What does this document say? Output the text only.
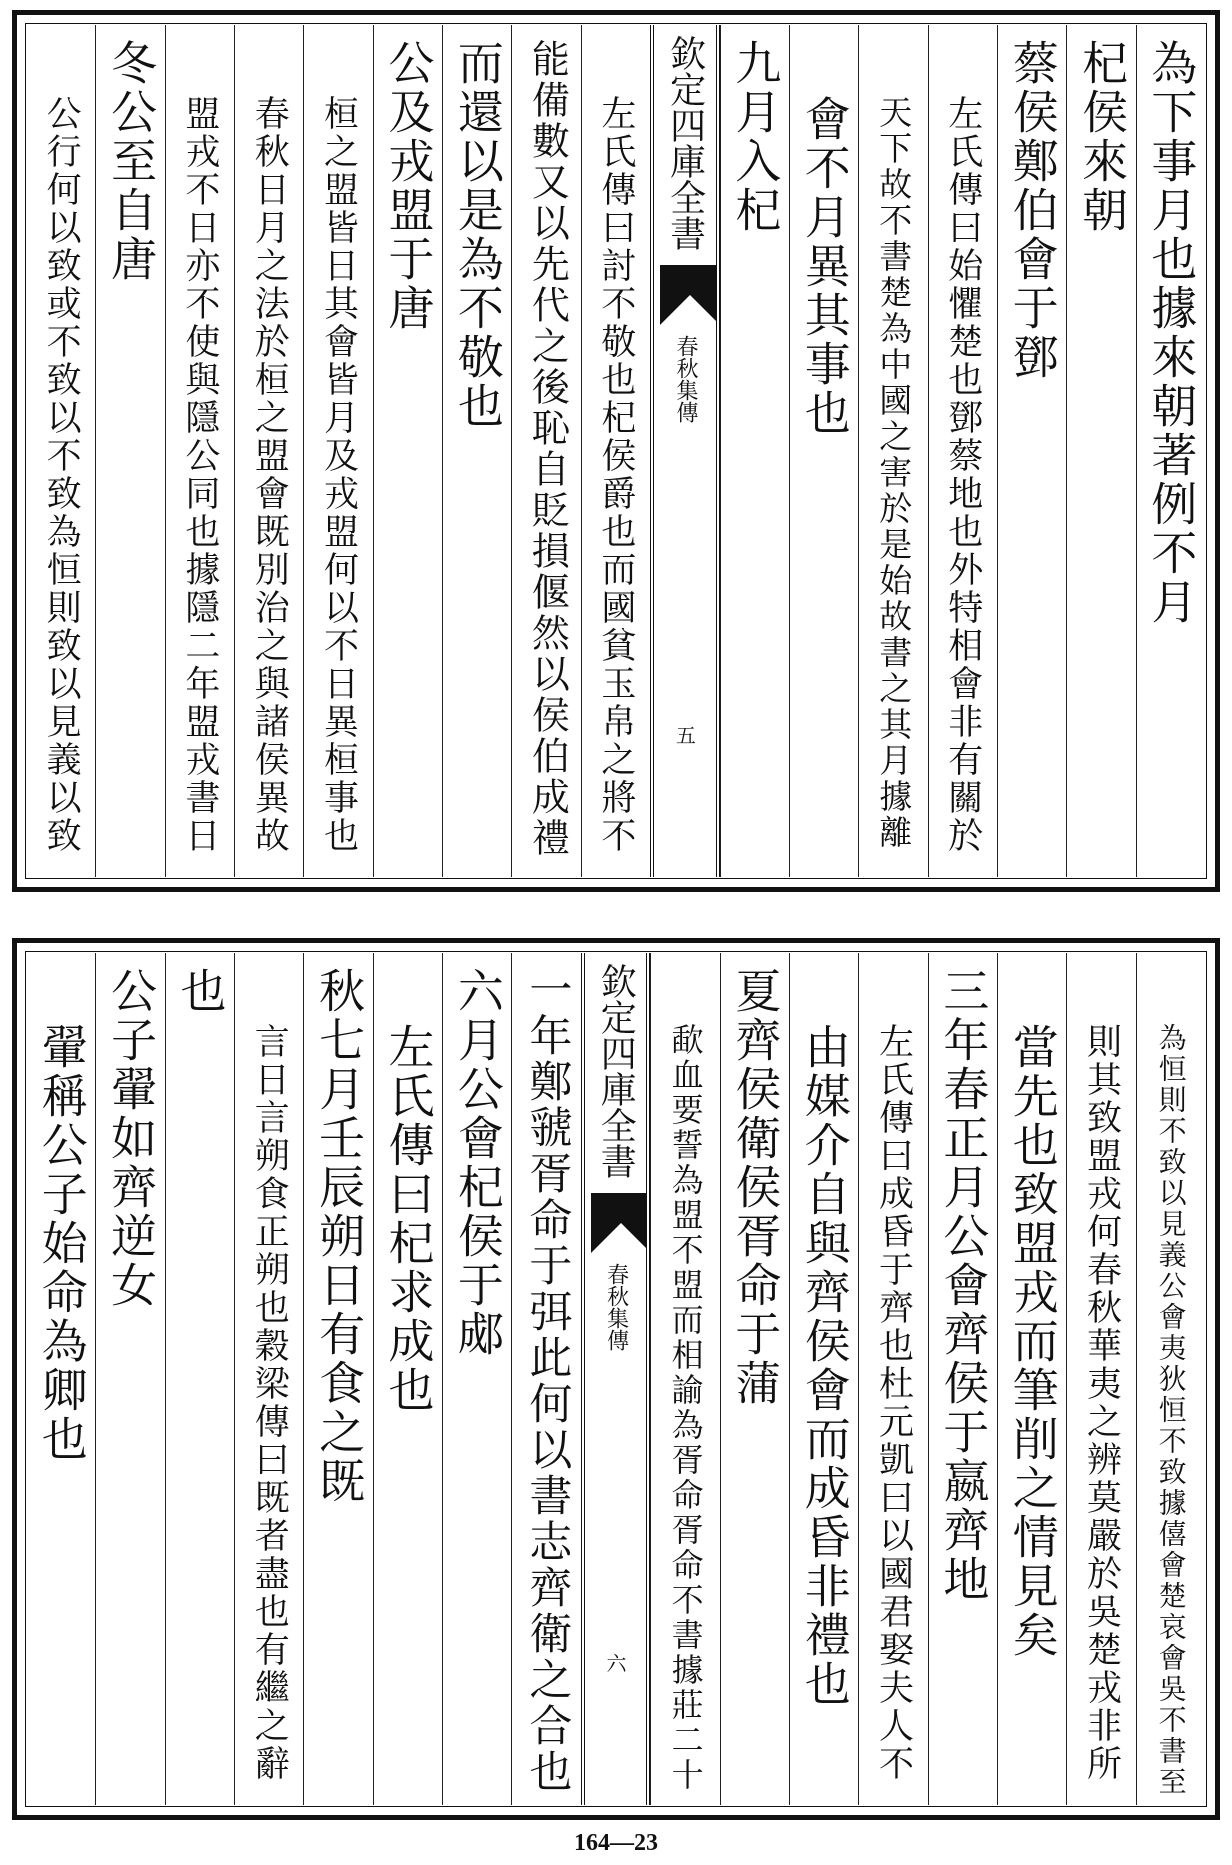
為下事月也據來朝著例不月
杞侯來朝
蔡侯鄭伯會于鄧
左氏傳曰始懼楚也鄧蔡地也外特相會非有關於
天下故不書楚為中國之害於是始故書之其月據離
會不月異其事也
九月入杞
欽定四庫全書
春秋集傳
五
左氏傳曰討不敬也杞侯爵也而國貧玉帛之將不
能備數又以先代之後恥自貶損偃然以侯伯成禮
而還以是為不敬也
公及戎盟于唐
桓之盟皆日其會皆月及戎盟何以不日異桓事也
春秋日月之法於桓之盟會既別治之與諸侯異故
盟戎不日亦不使與隱公同也據隱二年盟戎書日
冬公至自唐
公行何以致或不致以不致為恒則致以見義以致
為恒則不致以見義公會夷狄恒不致據僖會楚哀會吳不書至
則其致盟戎何春秋華夷之辨莫嚴於吳楚戎非所
當先也致盟戎而筆削之情見矣
三年春正月公會齊侯于嬴齊地
左氏傳曰成昏于齊也杜元凱曰以國君娶夫人不
由媒介自與齊侯會而成昏非禮也
夏齊侯衛侯胥命于蒲
歃血要誓為盟不盟而相諭為胥命胥命不書據莊二十
欽定四庫全書
春秋集傳
六
一年鄭虢胥命于弭此何以書志齊衛之合也
六月公會杞侯于郕
左氏傳曰杞求成也
秋七月壬辰朔日有食之既
言日言朔食正朔也穀梁傳曰既者盡也有繼之辭
也
公子翬如齊逆女
翬稱公子始命為卿也
164—23
